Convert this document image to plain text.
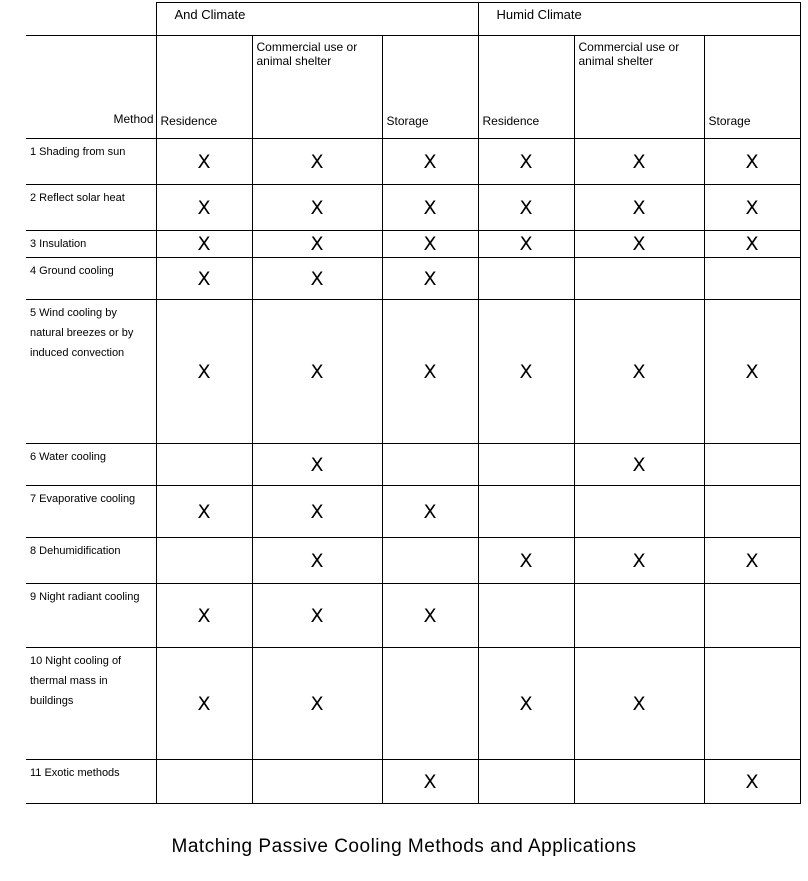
	And Climate			Humid Climate		
Method	Residence	Commercial use or animal shelter	Storage	Residence	Commercial use or animal shelter	Storage
1 Shading from sun	X	X	X	X	X	X
2 Reflect solar heat	X	X	X	X	X	X
3 Insulation	X	X	X	X	X	X
4 Ground cooling	X	X	X			
5 Wind cooling by natural breezes or by induced convection	X	X	X	X	X	X
6 Water cooling		X			X	
7 Evaporative cooling	X	X	X			
8 Dehumidification		X		X	X	X
9 Night radiant cooling	X	X	X			
10 Night cooling of thermal mass in buildings	X	X		X	X	
11 Exotic methods			X			X
Matching Passive Cooling Methods and Applications
